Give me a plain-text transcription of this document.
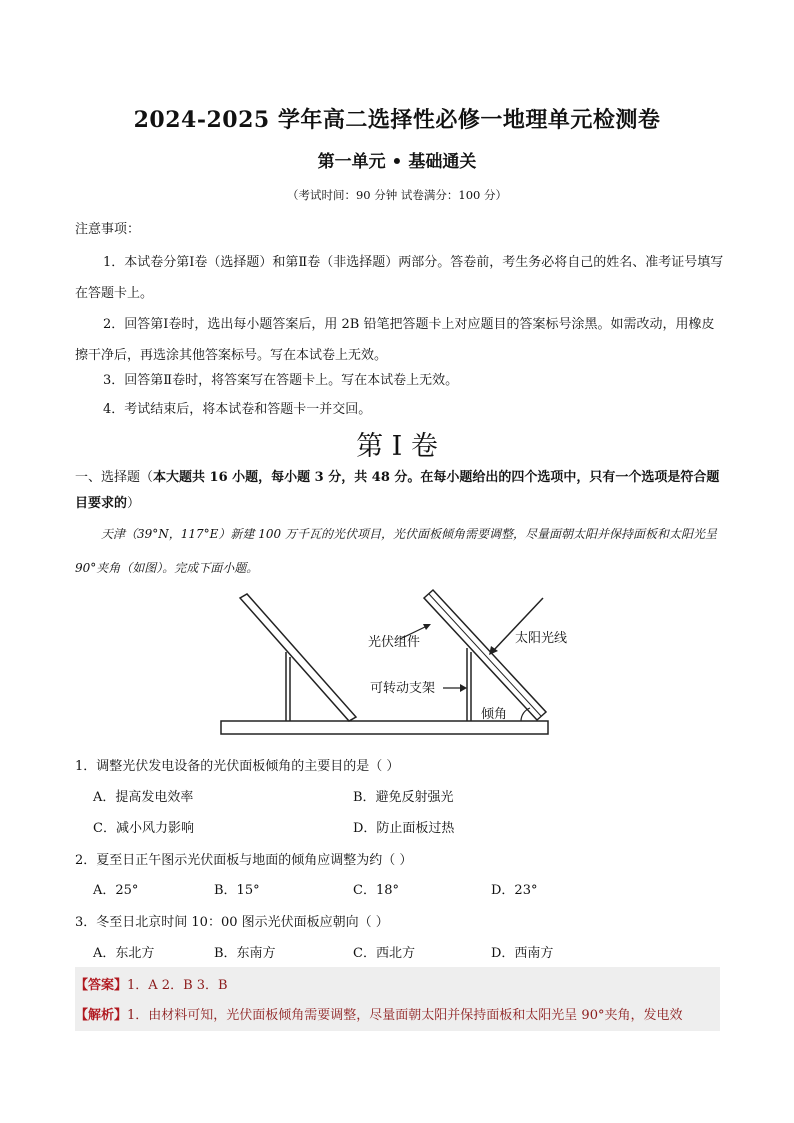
2024-2025 学年高二选择性必修一地理单元检测卷
第一单元 • 基础通关
（考试时间：90 分钟 试卷满分：100 分）
注意事项：
1．本试卷分第Ⅰ卷（选择题）和第Ⅱ卷（非选择题）两部分。答卷前，考生务必将自己的姓名、准考证号填写在答题卡上。
2．回答第Ⅰ卷时，选出每小题答案后，用 2B 铅笔把答题卡上对应题目的答案标号涂黑。如需改动，用橡皮擦干净后，再选涂其他答案标号。写在本试卷上无效。
3．回答第Ⅱ卷时，将答案写在答题卡上。写在本试卷上无效。
4．考试结束后，将本试卷和答题卡一并交回。
第 I 卷
一、选择题（本大题共 16 小题，每小题 3 分，共 48 分。在每小题给出的四个选项中，只有一个选项是符合题目要求的）
天津（39°N，117°E）新建 100 万千瓦的光伏项目，光伏面板倾角需要调整，尽量面朝太阳并保持面板和太阳光呈 90°夹角（如图）。完成下面小题。
光伏组件	太阳光线
可转动支架
倾角
1．调整光伏发电设备的光伏面板倾角的主要目的是（ ）
A．提高发电效率	B．避免反射强光
C．减小风力影响	D．防止面板过热
2．夏至日正午图示光伏面板与地面的倾角应调整为约（ ）
A．25°	B．15°	C．18°	D．23°
3．冬至日北京时间 10：00 图示光伏面板应朝向（ ）
A．东北方	B．东南方	C．西北方	D．西南方
【答案】1．A 2．B 3．B
【解析】1．由材料可知，光伏面板倾角需要调整，尽量面朝太阳并保持面板和太阳光呈 90°夹角，发电效
